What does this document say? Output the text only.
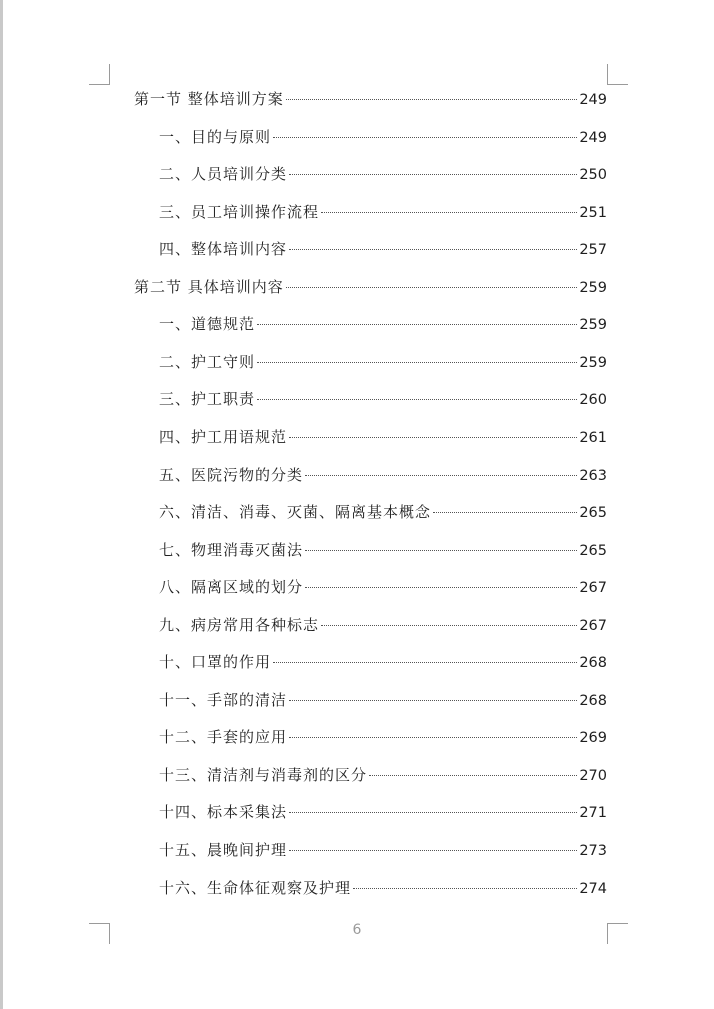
第一节 整体培训方案	249
一、目的与原则	249
二、人员培训分类	250
三、员工培训操作流程	251
四、整体培训内容	257
第二节 具体培训内容	259
一、道德规范	259
二、护工守则	259
三、护工职责	260
四、护工用语规范	261
五、医院污物的分类	263
六、清洁、消毒、灭菌、隔离基本概念	265
七、物理消毒灭菌法	265
八、隔离区域的划分	267
九、病房常用各种标志	267
十、口罩的作用	268
十一、手部的清洁	268
十二、手套的应用	269
十三、清洁剂与消毒剂的区分	270
十四、标本采集法	271
十五、晨晚间护理	273
十六、生命体征观察及护理	274
6
